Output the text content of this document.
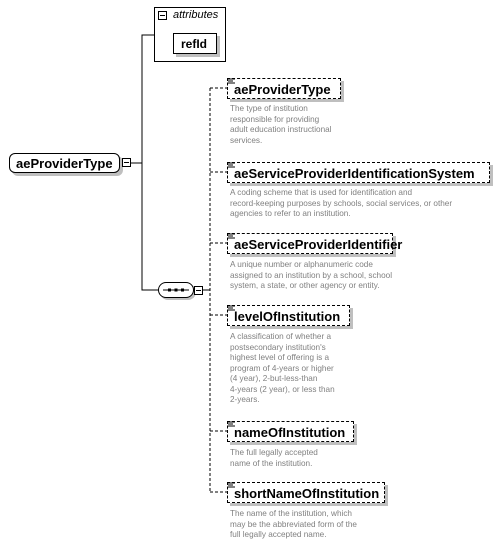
aeProviderType
attributes
refId
aeProviderType
The type of institution
responsible for providing
adult education instructional
services.
aeServiceProviderIdentificationSystem
A coding scheme that is used for identification and
record-keeping purposes by schools, social services, or other
agencies to refer to an institution.
aeServiceProviderIdentifier
A unique number or alphanumeric code
assigned to an institution by a school, school
system, a state, or other agency or entity.
levelOfInstitution
A classification of whether a
postsecondary institution's
highest level of offering is a
program of 4-years or higher
(4 year), 2-but-less-than
4-years (2 year), or less than
2-years.
nameOfInstitution
The full legally accepted
name of the institution.
shortNameOfInstitution
The name of the institution, which
may be the abbreviated form of the
full legally accepted name.
